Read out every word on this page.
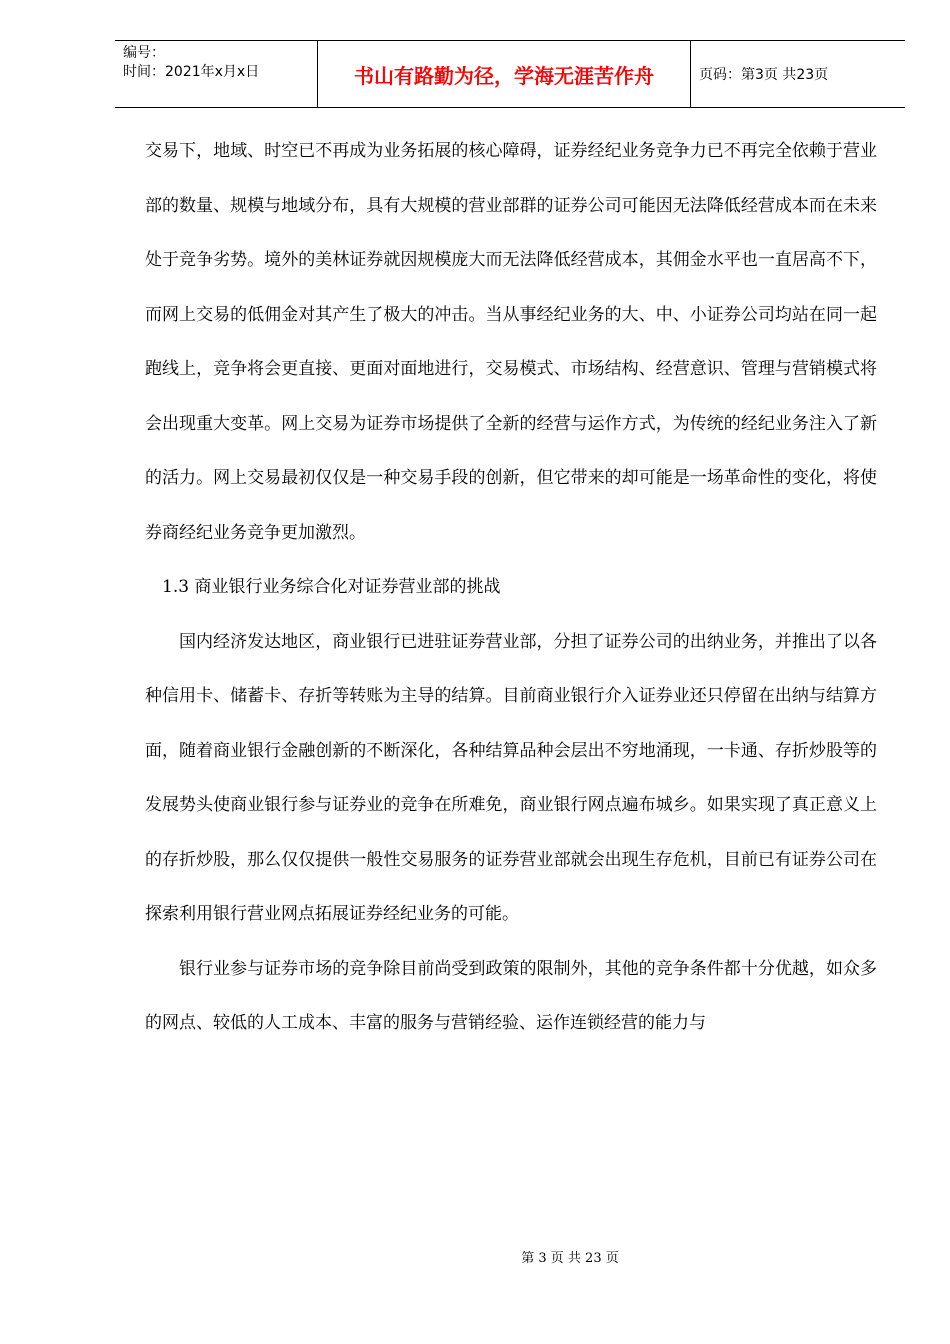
编号：
时间：2021年x月x日	书山有路勤为径，学海无涯苦作舟	页码：第3页 共23页

交易下，地域、时空已不再成为业务拓展的核心障碍，证券经纪业务竞争力已不再完全依赖于营业部的数量、规模与地域分布，具有大规模的营业部群的证券公司可能因无法降低经营成本而在未来处于竞争劣势。境外的美林证券就因规模庞大而无法降低经营成本，其佣金水平也一直居高不下，而网上交易的低佣金对其产生了极大的冲击。当从事经纪业务的大、中、小证券公司均站在同一起跑线上，竞争将会更直接、更面对面地进行，交易模式、市场结构、经营意识、管理与营销模式将会出现重大变革。网上交易为证券市场提供了全新的经营与运作方式，为传统的经纪业务注入了新的活力。网上交易最初仅仅是一种交易手段的创新，但它带来的却可能是一场革命性的变化，将使券商经纪业务竞争更加激烈。

1.3 商业银行业务综合化对证券营业部的挑战

国内经济发达地区，商业银行已进驻证券营业部，分担了证券公司的出纳业务，并推出了以各种信用卡、储蓄卡、存折等转账为主导的结算。目前商业银行介入证券业还只停留在出纳与结算方面，随着商业银行金融创新的不断深化，各种结算品种会层出不穷地涌现，一卡通、存折炒股等的发展势头使商业银行参与证券业的竞争在所难免，商业银行网点遍布城乡。如果实现了真正意义上的存折炒股，那么仅仅提供一般性交易服务的证券营业部就会出现生存危机，目前已有证券公司在探索利用银行营业网点拓展证券经纪业务的可能。

银行业参与证券市场的竞争除目前尚受到政策的限制外，其他的竞争条件都十分优越，如众多的网点、较低的人工成本、丰富的服务与营销经验、运作连锁经营的能力与

第 3 页 共 23 页
